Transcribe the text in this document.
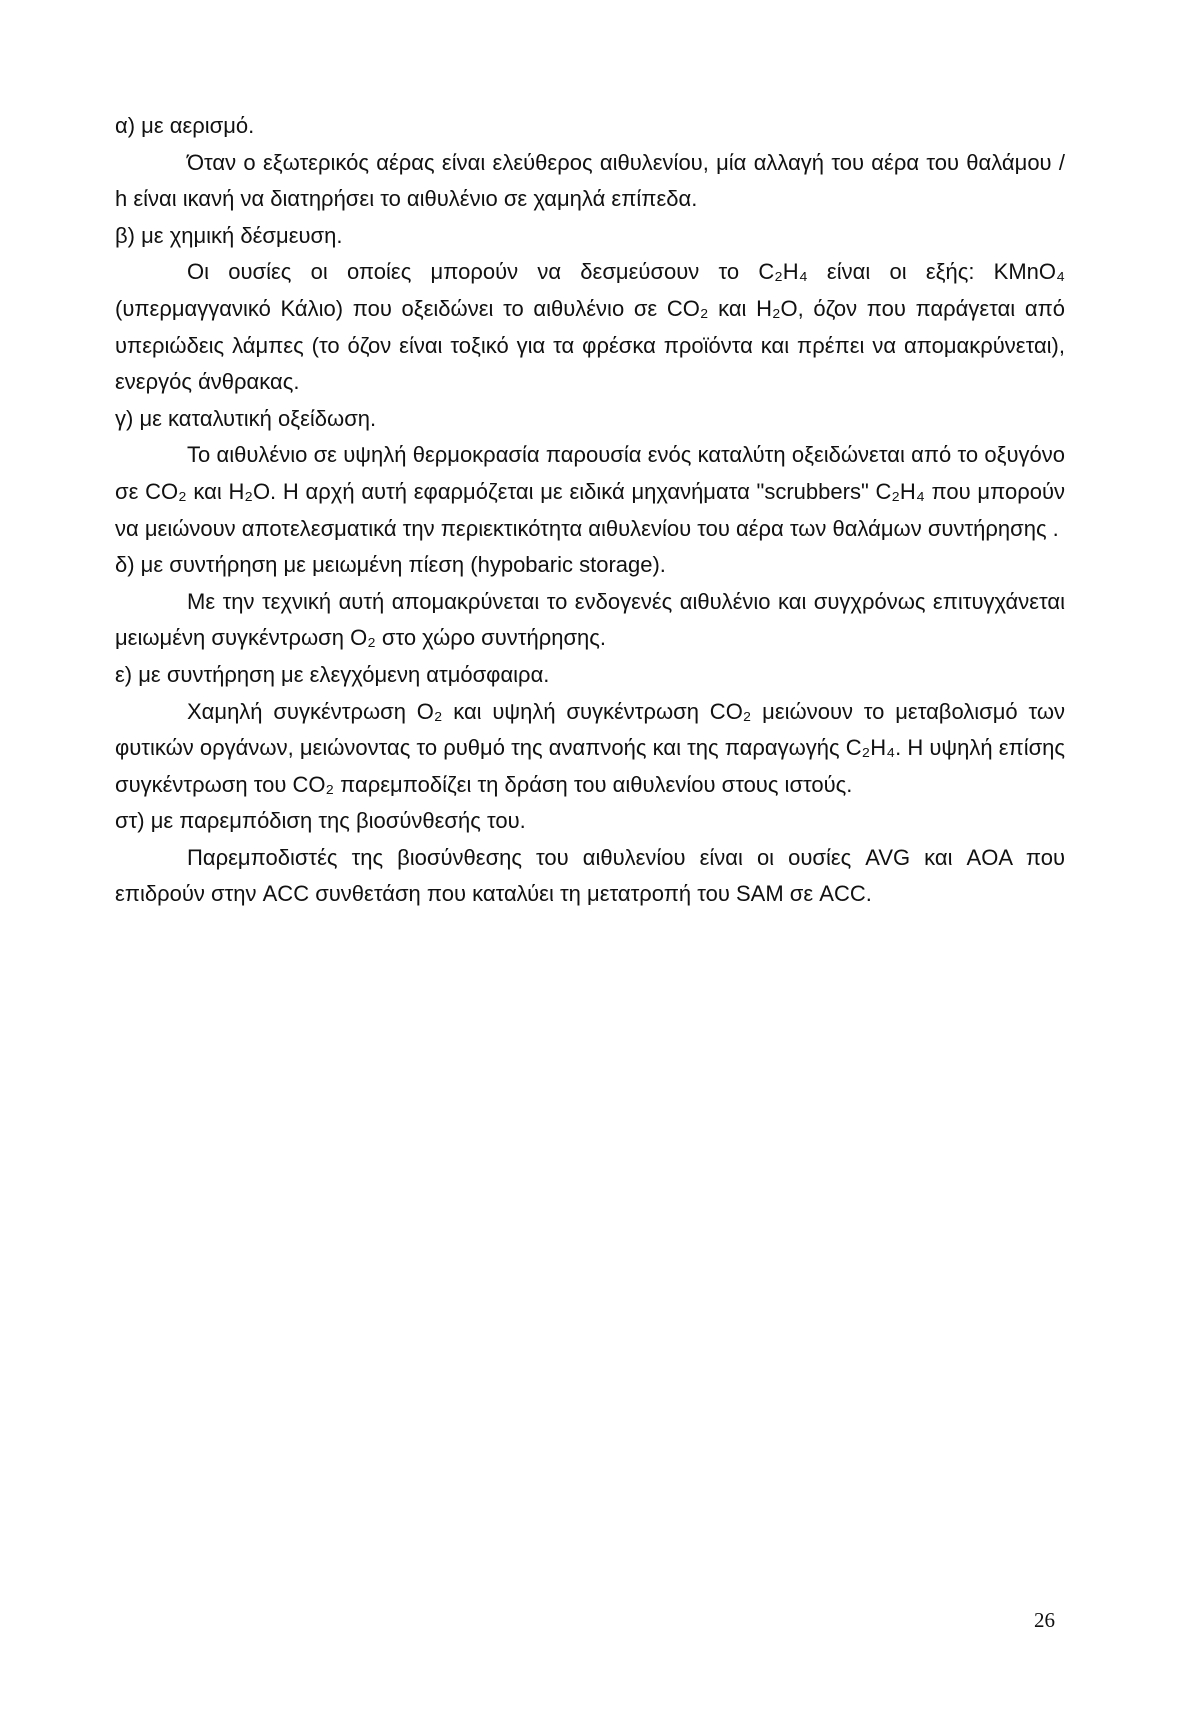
α) με αερισμό.

Όταν ο εξωτερικός αέρας είναι ελεύθερος αιθυλενίου, μία αλλαγή του αέρα του θαλάμου / h είναι ικανή να διατηρήσει το αιθυλένιο σε χαμηλά επίπεδα.

β) με χημική δέσμευση.

Οι ουσίες οι οποίες μπορούν να δεσμεύσουν το C₂H₄ είναι οι εξής: KMnO₄ (υπερμαγγανικό Κάλιο) που οξειδώνει το αιθυλένιο σε CO₂ και H₂O, όζον που παράγεται από υπεριώδεις λάμπες (το όζον είναι τοξικό για τα φρέσκα προϊόντα και πρέπει να απομακρύνεται), ενεργός άνθρακας.

γ) με καταλυτική οξείδωση.

Το αιθυλένιο σε υψηλή θερμοκρασία παρουσία ενός καταλύτη οξειδώνεται από το οξυγόνο σε CO₂ και H₂O. Η αρχή αυτή εφαρμόζεται με ειδικά μηχανήματα "scrubbers" C₂H₄ που μπορούν να μειώνουν αποτελεσματικά την περιεκτικότητα αιθυλενίου του αέρα των θαλάμων συντήρησης .

δ) με συντήρηση με μειωμένη πίεση (hypobaric storage).

Με την τεχνική αυτή απομακρύνεται το ενδογενές αιθυλένιο και συγχρόνως επιτυγχάνεται μειωμένη συγκέντρωση O₂ στο χώρο συντήρησης.

ε) με συντήρηση με ελεγχόμενη ατμόσφαιρα.

Χαμηλή συγκέντρωση O₂ και υψηλή συγκέντρωση CO₂ μειώνουν το μεταβολισμό των φυτικών οργάνων, μειώνοντας το ρυθμό της αναπνοής και της παραγωγής C₂H₄. Η υψηλή επίσης συγκέντρωση του CO₂ παρεμποδίζει τη δράση του αιθυλενίου στους ιστούς.

στ) με παρεμπόδιση της βιοσύνθεσής του.

Παρεμποδιστές της βιοσύνθεσης του αιθυλενίου είναι οι ουσίες AVG και AOA που επιδρούν στην ACC συνθετάση που καταλύει τη μετατροπή του SAM σε ACC.

26
